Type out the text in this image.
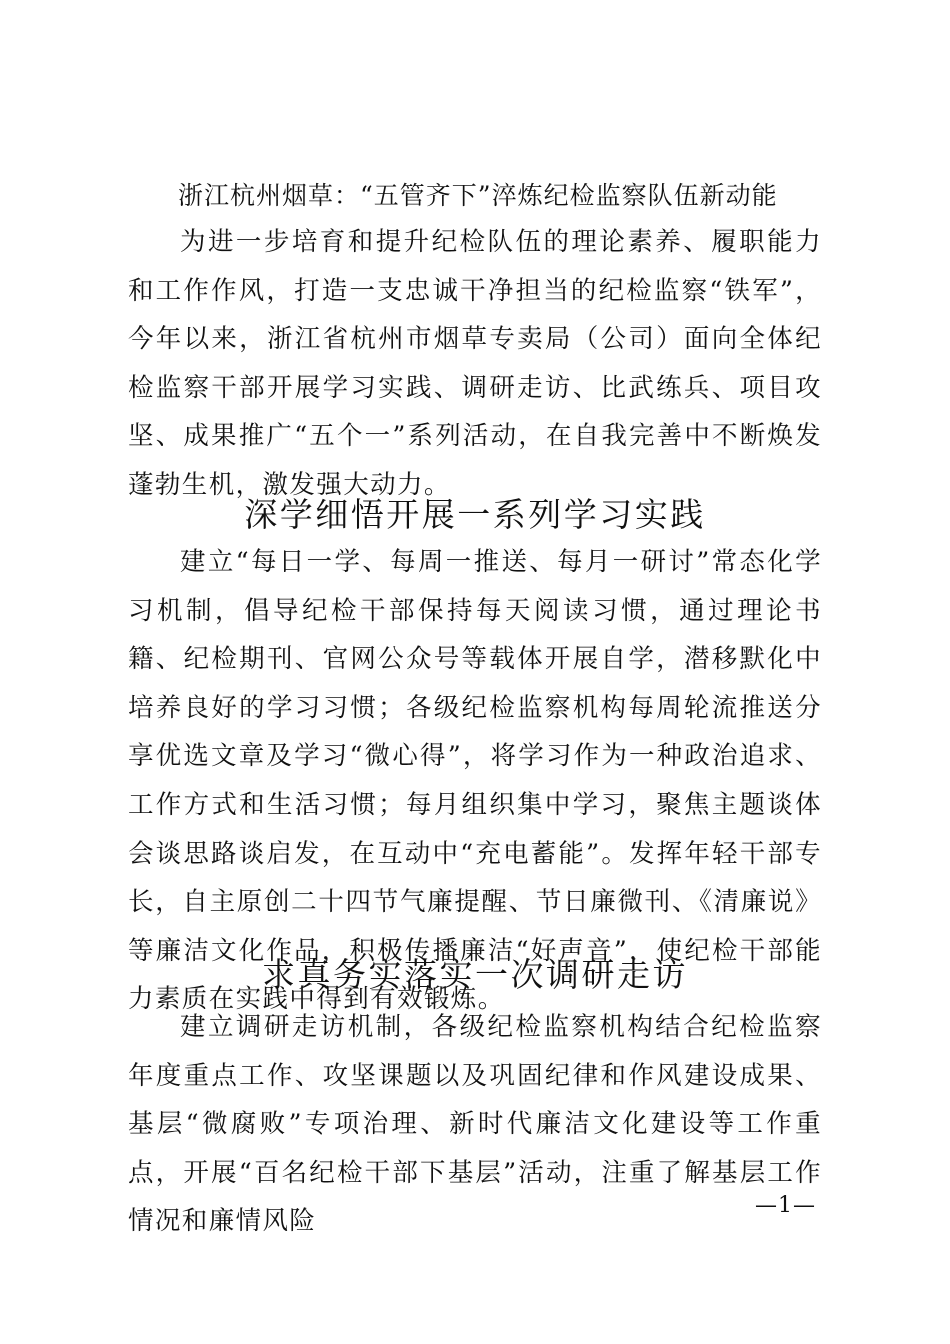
浙江杭州烟草：“五管齐下”淬炼纪检监察队伍新动能

为进一步培育和提升纪检队伍的理论素养、履职能力和工作作风，打造一支忠诚干净担当的纪检监察“铁军”，今年以来，浙江省杭州市烟草专卖局（公司）面向全体纪检监察干部开展学习实践、调研走访、比武练兵、项目攻坚、成果推广“五个一”系列活动，在自我完善中不断焕发蓬勃生机，激发强大动力。

深学细悟开展一系列学习实践

建立“每日一学、每周一推送、每月一研讨”常态化学习机制，倡导纪检干部保持每天阅读习惯，通过理论书籍、纪检期刊、官网公众号等载体开展自学，潜移默化中培养良好的学习习惯；各级纪检监察机构每周轮流推送分享优选文章及学习“微心得”，将学习作为一种政治追求、工作方式和生活习惯；每月组织集中学习，聚焦主题谈体会谈思路谈启发，在互动中“充电蓄能”。发挥年轻干部专长，自主原创二十四节气廉提醒、节日廉微刊、《清廉说》等廉洁文化作品，积极传播廉洁“好声音”，使纪检干部能力素质在实践中得到有效锻炼。

求真务实落实一次调研走访

建立调研走访机制，各级纪检监察机构结合纪检监察年度重点工作、攻坚课题以及巩固纪律和作风建设成果、基层“微腐败”专项治理、新时代廉洁文化建设等工作重点，开展“百名纪检干部下基层”活动，注重了解基层工作情况和廉情风险

—1—
